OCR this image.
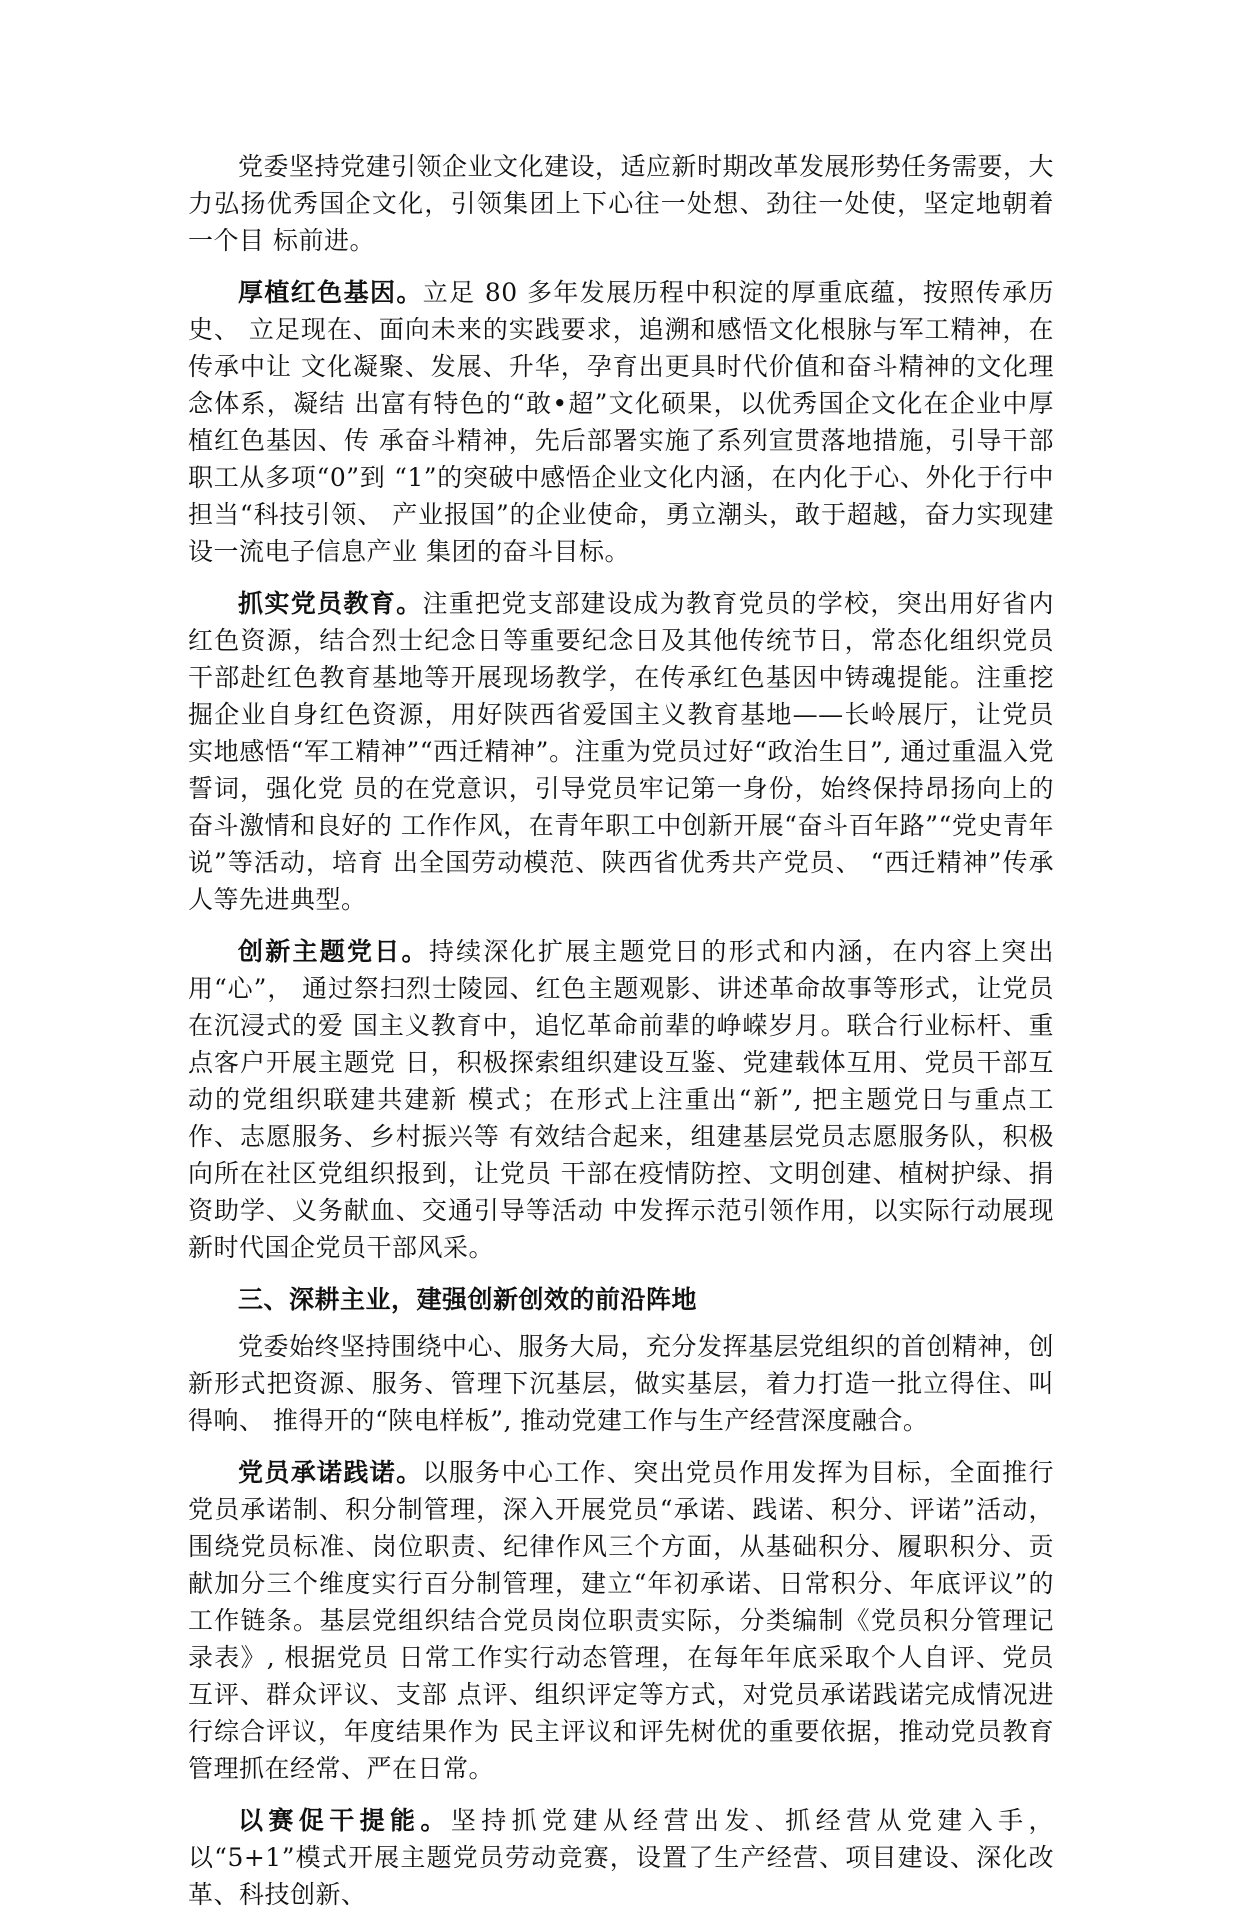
党委坚持党建引领企业文化建设，适应新时期改革发展形势任务需要，大力弘扬优秀国企文化，引领集团上下心往一处想、劲往一处使，坚定地朝着一个目 标前进。

厚植红色基因。立足 80 多年发展历程中积淀的厚重底蕴，按照传承历史、 立足现在、面向未来的实践要求，追溯和感悟文化根脉与军工精神，在传承中让 文化凝聚、发展、升华，孕育出更具时代价值和奋斗精神的文化理念体系，凝结 出富有特色的“敢•超”文化硕果，以优秀国企文化在企业中厚植红色基因、传 承奋斗精神，先后部署实施了系列宣贯落地措施，引导干部职工从多项“0”到 “1”的突破中感悟企业文化内涵，在内化于心、外化于行中担当“科技引领、 产业报国”的企业使命，勇立潮头，敢于超越，奋力实现建设一流电子信息产业 集团的奋斗目标。

抓实党员教育。注重把党支部建设成为教育党员的学校，突出用好省内红色资源，结合烈士纪念日等重要纪念日及其他传统节日，常态化组织党员干部赴红色教育基地等开展现场教学，在传承红色基因中铸魂提能。注重挖掘企业自身红色资源，用好陕西省爱国主义教育基地——长岭展厅，让党员实地感悟“军工精神”“西迁精神”。注重为党员过好“政治生日”, 通过重温入党誓词，强化党 员的在党意识，引导党员牢记第一身份，始终保持昂扬向上的奋斗激情和良好的 工作作风，在青年职工中创新开展“奋斗百年路”“党史青年说”等活动，培育 出全国劳动模范、陕西省优秀共产党员、 “西迁精神”传承人等先进典型。

创新主题党日。持续深化扩展主题党日的形式和内涵，在内容上突出用“心”， 通过祭扫烈士陵园、红色主题观影、讲述革命故事等形式，让党员在沉浸式的爱 国主义教育中，追忆革命前辈的峥嵘岁月。联合行业标杆、重点客户开展主题党 日，积极探索组织建设互鉴、党建载体互用、党员干部互动的党组织联建共建新 模式；在形式上注重出“新”, 把主题党日与重点工作、志愿服务、乡村振兴等 有效结合起来，组建基层党员志愿服务队，积极向所在社区党组织报到，让党员 干部在疫情防控、文明创建、植树护绿、捐资助学、义务献血、交通引导等活动 中发挥示范引领作用，以实际行动展现新时代国企党员干部风采。

三、深耕主业，建强创新创效的前沿阵地

党委始终坚持围绕中心、服务大局，充分发挥基层党组织的首创精神，创新形式把资源、服务、管理下沉基层，做实基层，着力打造一批立得住、叫得响、 推得开的“陕电样板”, 推动党建工作与生产经营深度融合。

党员承诺践诺。以服务中心工作、突出党员作用发挥为目标，全面推行党员承诺制、积分制管理，深入开展党员“承诺、践诺、积分、评诺”活动，围绕党员标准、岗位职责、纪律作风三个方面，从基础积分、履职积分、贡献加分三个维度实行百分制管理，建立“年初承诺、日常积分、年底评议”的工作链条。基层党组织结合党员岗位职责实际，分类编制《党员积分管理记录表》, 根据党员 日常工作实行动态管理，在每年年底采取个人自评、党员互评、群众评议、支部 点评、组织评定等方式，对党员承诺践诺完成情况进行综合评议，年度结果作为 民主评议和评先树优的重要依据，推动党员教育管理抓在经常、严在日常。

以赛促干提能。坚持抓党建从经营出发、抓经营从党建入手，以“5+1”模式开展主题党员劳动竞赛，设置了生产经营、项目建设、深化改革、科技创新、
